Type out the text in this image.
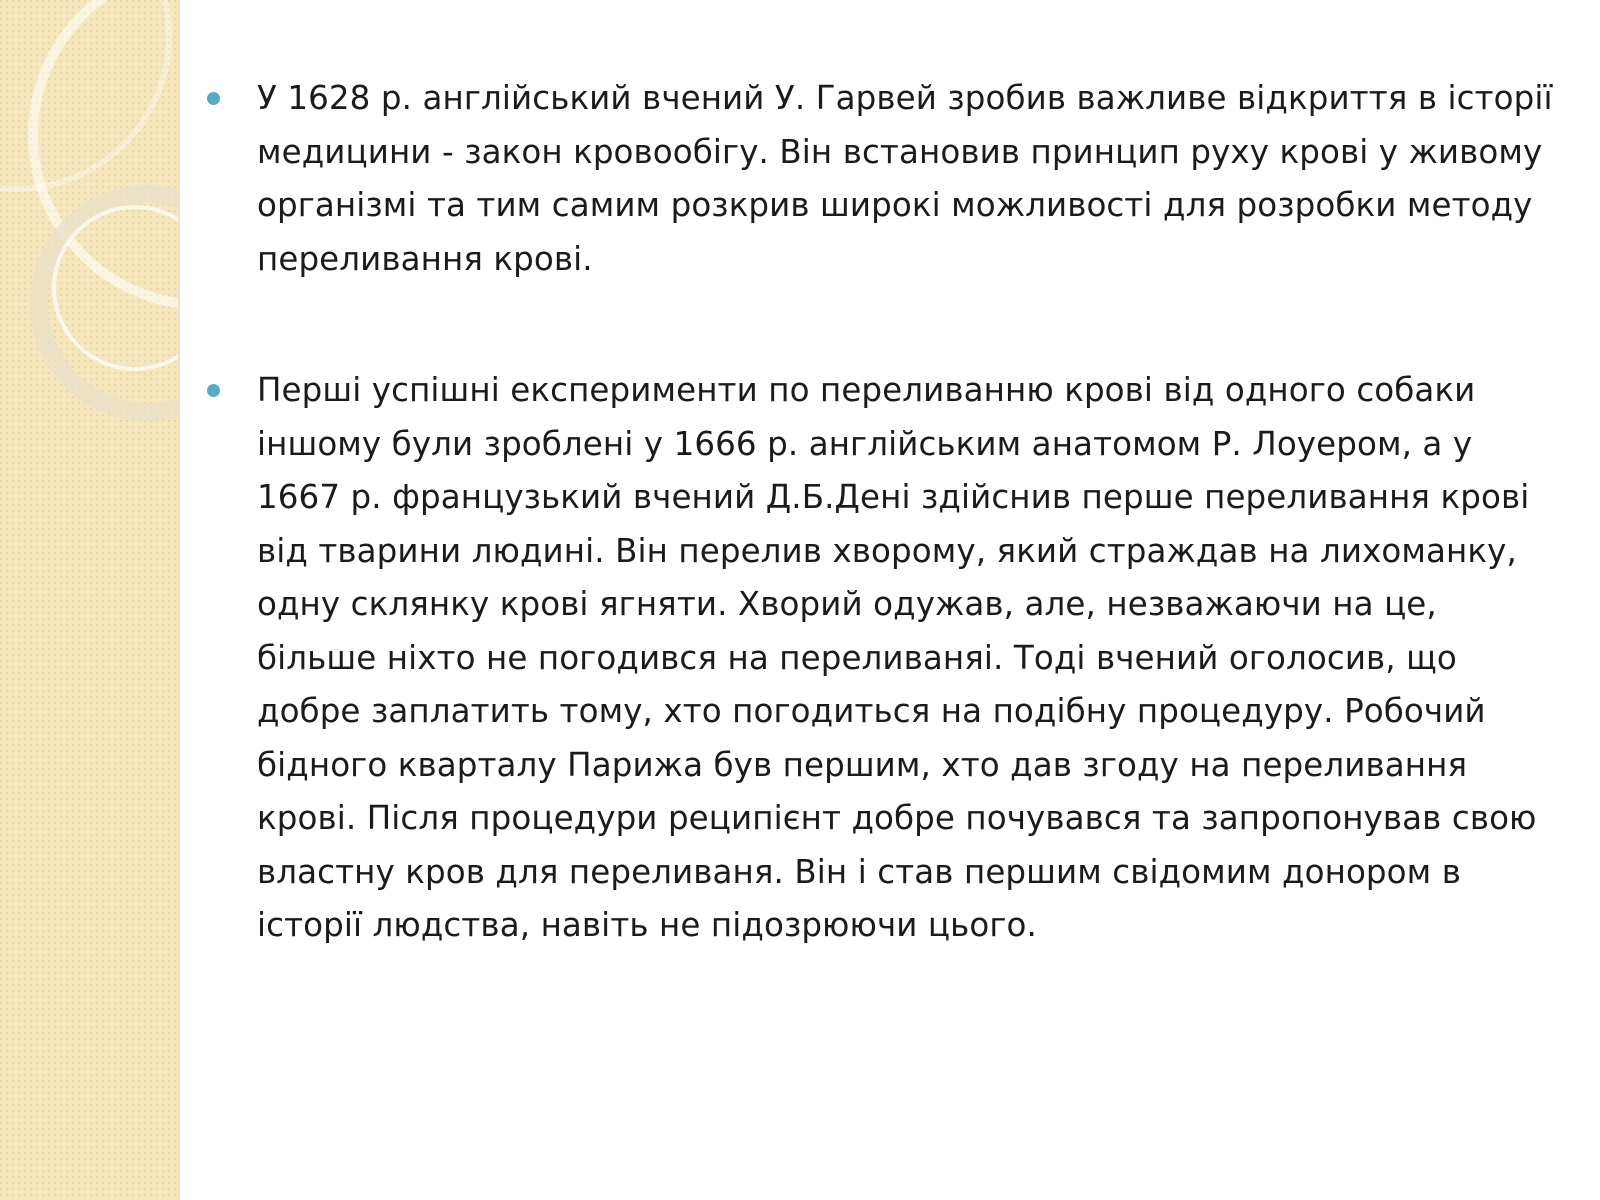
У 1628 р. англійський вчений У. Гарвей зробив важливе відкриття в історії медицини - закон кровообігу. Він встановив принцип руху крові у живому організмі та тим самим розкрив широкі можливості для розробки методу переливання крові.
Перші успішні експерименти по переливанню крові від одного собаки іншому були зроблені у 1666 р. англійським анатомом Р. Лоуером, а у 1667 р. французький вчений Д.Б.Дені здійснив перше переливання крові від тварини людині. Він перелив хворому, який страждав на лихоманку, одну склянку крові ягняти. Хворий одужав, але, незважаючи на це, більше ніхто не погодився на переливаняі. Тоді вчений оголосив, що добре заплатить тому, хто погодиться на подібну процедуру. Робочий бідного кварталу Парижа був першим, хто дав згоду на переливання крові. Після процедури реципієнт добре почувався та запропонував свою властну кров для переливаня. Він і став першим свідомим донором в історії людства, навіть не підозрюючи цього.
